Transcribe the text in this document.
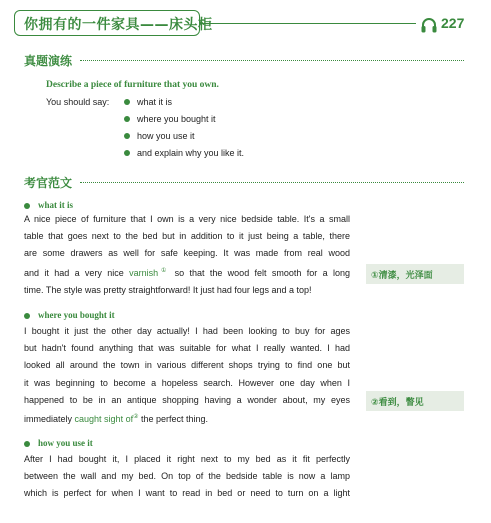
你拥有的一件家具——床头柜	227
真题演练
Describe a piece of furniture that you own.
You should say:	what it is
where you bought it
how you use it
and explain why you like it.
考官范文
what it is
A nice piece of furniture that I own is a very nice bedside table. It's a small
table that goes next to the bed but in addition to it just being a table, there
are some drawers as well for safe keeping. It was made from real wood
and it had a very nice varnish① so that the wood felt smooth for a long
time. The style was pretty straightforward! It just had four legs and a top!
where you bought it
I bought it just the other day actually! I had been looking to buy for ages
but hadn't found anything that was suitable for what I really wanted. I had
looked all around the town in various different shops trying to find one but
it was beginning to become a hopeless search. However one day when I
happened to be in an antique shopping having a wonder about, my eyes
immediately caught sight of② the perfect thing.
how you use it
After I had bought it, I placed it right next to my bed as it fit perfectly
between the wall and my bed. On top of the bedside table is now a lamp
which is perfect for when I want to read in bed or need to turn on a light
①清漆，光泽面
②看到，瞥见
